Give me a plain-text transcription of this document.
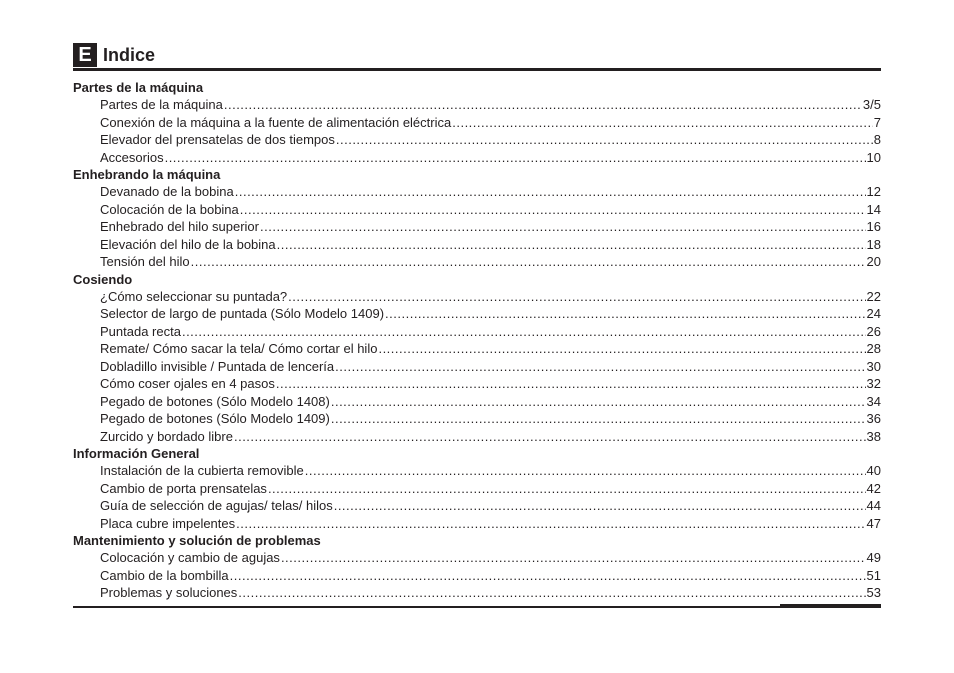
E Indice
Partes de la máquina
Partes de la máquina .....	3/5
Conexión de la máquina a la fuente de alimentación eléctrica .....	7
Elevador del prensatelas de dos tiempos .....	8
Accesorios .....	10
Enhebrando la máquina
Devanado de la bobina .....	12
Colocación de la bobina .....	14
Enhebrado del hilo superior .....	16
Elevación del hilo de la bobina .....	18
Tensión del hilo .....	20
Cosiendo
¿Cómo seleccionar su puntada? .....	22
Selector de largo de puntada (Sólo Modelo 1409) .....	24
Puntada recta .....	26
Remate/ Cómo sacar la tela/ Cómo cortar el hilo .....	28
Dobladillo invisible / Puntada de lencería .....	30
Cómo coser ojales en 4 pasos .....	32
Pegado de botones (Sólo Modelo 1408) .....	34
Pegado de botones (Sólo Modelo 1409) .....	36
Zurcido y bordado libre .....	38
Información General
Instalación de la cubierta removible .....	40
Cambio de porta prensatelas .....	42
Guía de selección de agujas/ telas/ hilos .....	44
Placa cubre impelentes .....	47
Mantenimiento y solución de problemas
Colocación y cambio de agujas .....	49
Cambio de la bombilla .....	51
Problemas y soluciones .....	53
